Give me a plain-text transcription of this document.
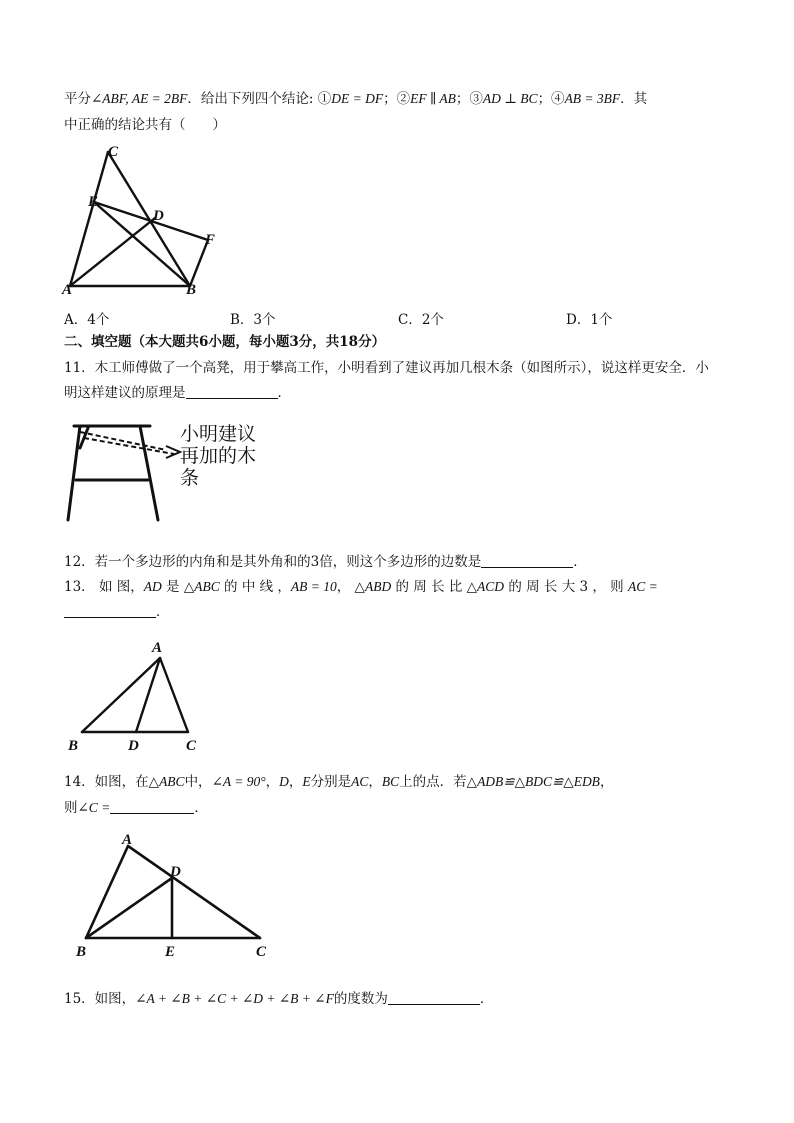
平分∠ABF, AE = 2BF．给出下列四个结论: ①DE = DF；②EF ∥ AB；③AD ⊥ BC；④AB = 3BF．其
中正确的结论共有（　　）
C
E
D
F
A	B
A．4个	B．3个	C．2个	D．1个
二、填空题（本大题共6小题，每小题3分，共18分）
11．木工师傅做了一个高凳，用于攀高工作，小明看到了建议再加几根木条（如图所示），说这样更安全．小
明这样建议的原理是	．
小明建议
再加的木
条
12．若一个多边形的内角和是其外角和的3倍，则这个多边形的边数是	．
13． 如 图，AD 是 △ABC 的 中 线 ，AB = 10， △ABD 的 周 长 比 △ACD 的 周 长 大 3 ， 则 AC =
．
A
B	D	C
14．如图，在△ABC中，∠A = 90°，D，E分别是AC，BC上的点．若△ADB≌△BDC≌△EDB，
则∠C =	．
A
D
B	E	C
15．如图，∠A + ∠B + ∠C + ∠D + ∠B + ∠F的度数为	．
